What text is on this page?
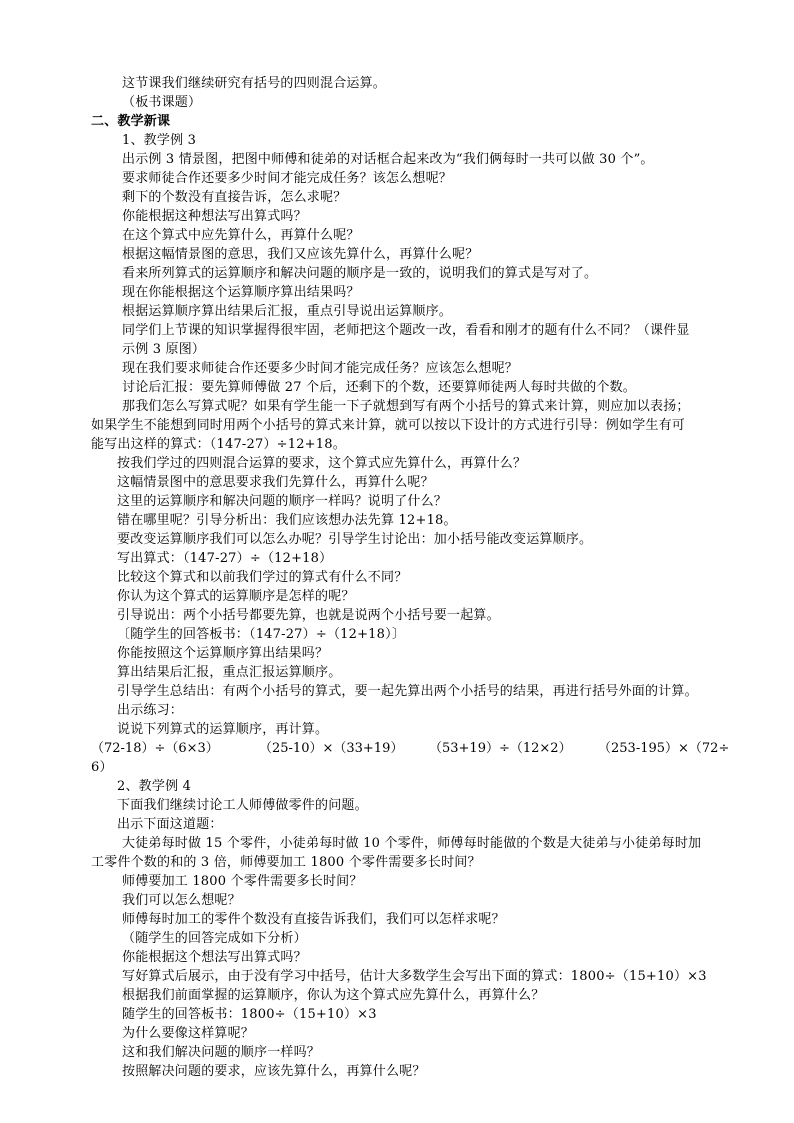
这节课我们继续研究有括号的四则混合运算。
（板书课题）
二、教学新课
1、教学例 3
出示例 3 情景图，把图中师傅和徒弟的对话框合起来改为“我们俩每时一共可以做 30 个”。
要求师徒合作还要多少时间才能完成任务？该怎么想呢？
剩下的个数没有直接告诉，怎么求呢？
你能根据这种想法写出算式吗？
在这个算式中应先算什么，再算什么呢？
根据这幅情景图的意思，我们又应该先算什么，再算什么呢？
看来所列算式的运算顺序和解决问题的顺序是一致的，说明我们的算式是写对了。
现在你能根据这个运算顺序算出结果吗？
根据运算顺序算出结果后汇报，重点引导说出运算顺序。
同学们上节课的知识掌握得很牢固，老师把这个题改一改，看看和刚才的题有什么不同？（课件显
示例 3 原图）
现在我们要求师徒合作还要多少时间才能完成任务？应该怎么想呢？
讨论后汇报：要先算师傅做 27 个后，还剩下的个数，还要算师徒两人每时共做的个数。
那我们怎么写算式呢？如果有学生能一下子就想到写有两个小括号的算式来计算，则应加以表扬；
如果学生不能想到同时用两个小括号的算式来计算，就可以按以下设计的方式进行引导：例如学生有可
能写出这样的算式：（147-27）÷12+18。
按我们学过的四则混合运算的要求，这个算式应先算什么，再算什么？
这幅情景图中的意思要求我们先算什么，再算什么呢？
这里的运算顺序和解决问题的顺序一样吗？说明了什么？
错在哪里呢？引导分析出：我们应该想办法先算 12+18。
要改变运算顺序我们可以怎么办呢？引导学生讨论出：加小括号能改变运算顺序。
写出算式：（147-27）÷（12+18）
比较这个算式和以前我们学过的算式有什么不同？
你认为这个算式的运算顺序是怎样的呢？
引导说出：两个小括号都要先算，也就是说两个小括号要一起算。
〔随学生的回答板书：（147-27）÷（12+18）〕
你能按照这个运算顺序算出结果吗？
算出结果后汇报，重点汇报运算顺序。
引导学生总结出：有两个小括号的算式，要一起先算出两个小括号的结果，再进行括号外面的计算。
出示练习：
说说下列算式的运算顺序，再计算。
（72-18）÷（6×3）	（25-10）×（33+19） （53+19）÷（12×2） （253-195）×（72÷
6）
2、教学例 4
下面我们继续讨论工人师傅做零件的问题。
出示下面这道题：
大徒弟每时做 15 个零件，小徒弟每时做 10 个零件，师傅每时能做的个数是大徒弟与小徒弟每时加
工零件个数的和的 3 倍，师傅要加工 1800 个零件需要多长时间？
师傅要加工 1800 个零件需要多长时间？
我们可以怎么想呢？
师傅每时加工的零件个数没有直接告诉我们，我们可以怎样求呢？
（随学生的回答完成如下分析）
你能根据这个想法写出算式吗？
写好算式后展示，由于没有学习中括号，估计大多数学生会写出下面的算式：1800÷（15+10）×3
根据我们前面掌握的运算顺序，你认为这个算式应先算什么，再算什么？
随学生的回答板书：1800÷（15+10）×3
为什么要像这样算呢？
这和我们解决问题的顺序一样吗？
按照解决问题的要求，应该先算什么，再算什么呢？
